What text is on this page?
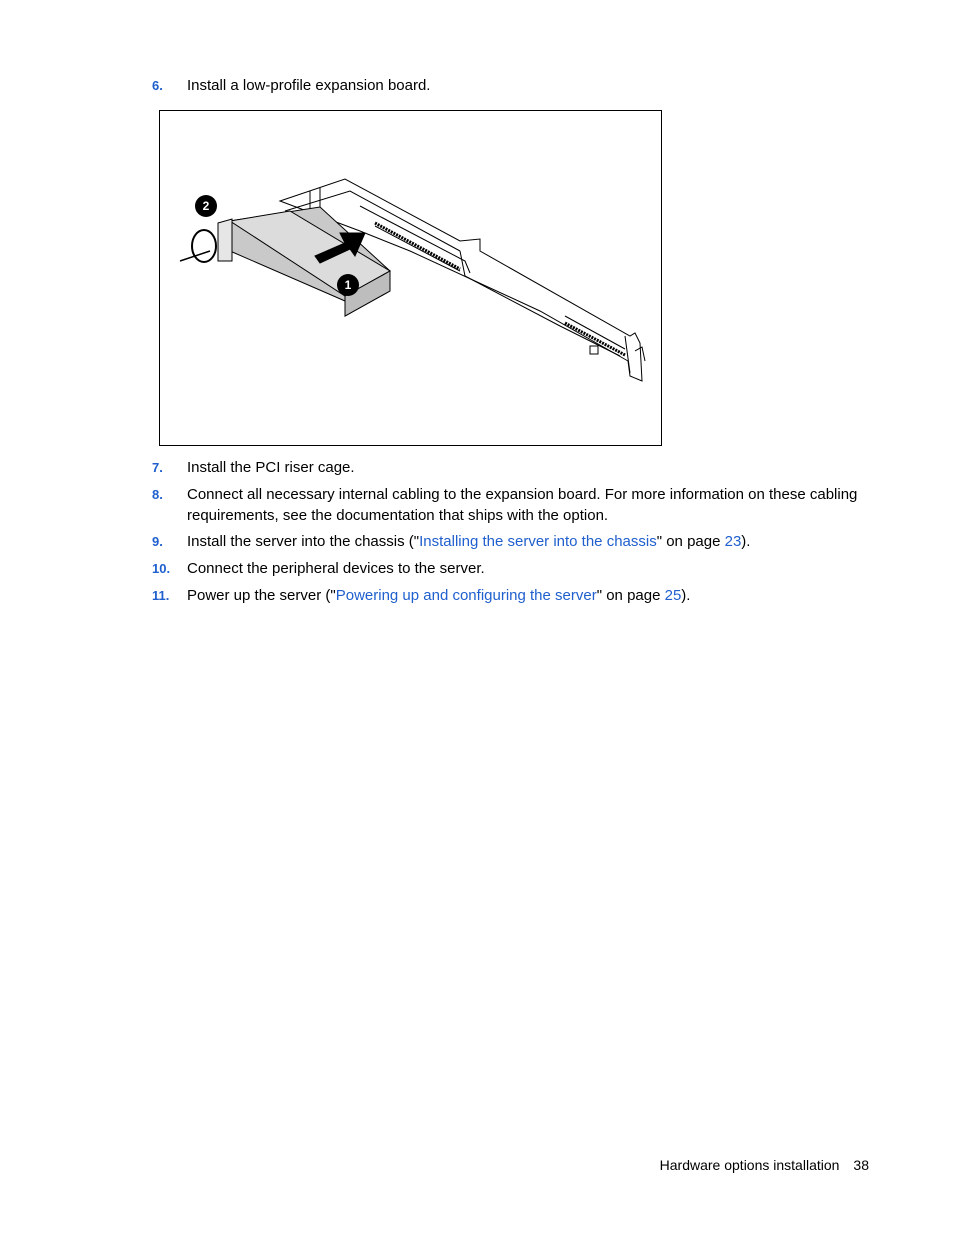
6. Install a low-profile expansion board.
2
1
7. Install the PCI riser cage.
8. Connect all necessary internal cabling to the expansion board. For more information on these cabling
requirements, see the documentation that ships with the option.
9. Install the server into the chassis ("Installing the server into the chassis" on page 23).
10. Connect the peripheral devices to the server.
11. Power up the server ("Powering up and configuring the server" on page 25).
Hardware options installation 38
